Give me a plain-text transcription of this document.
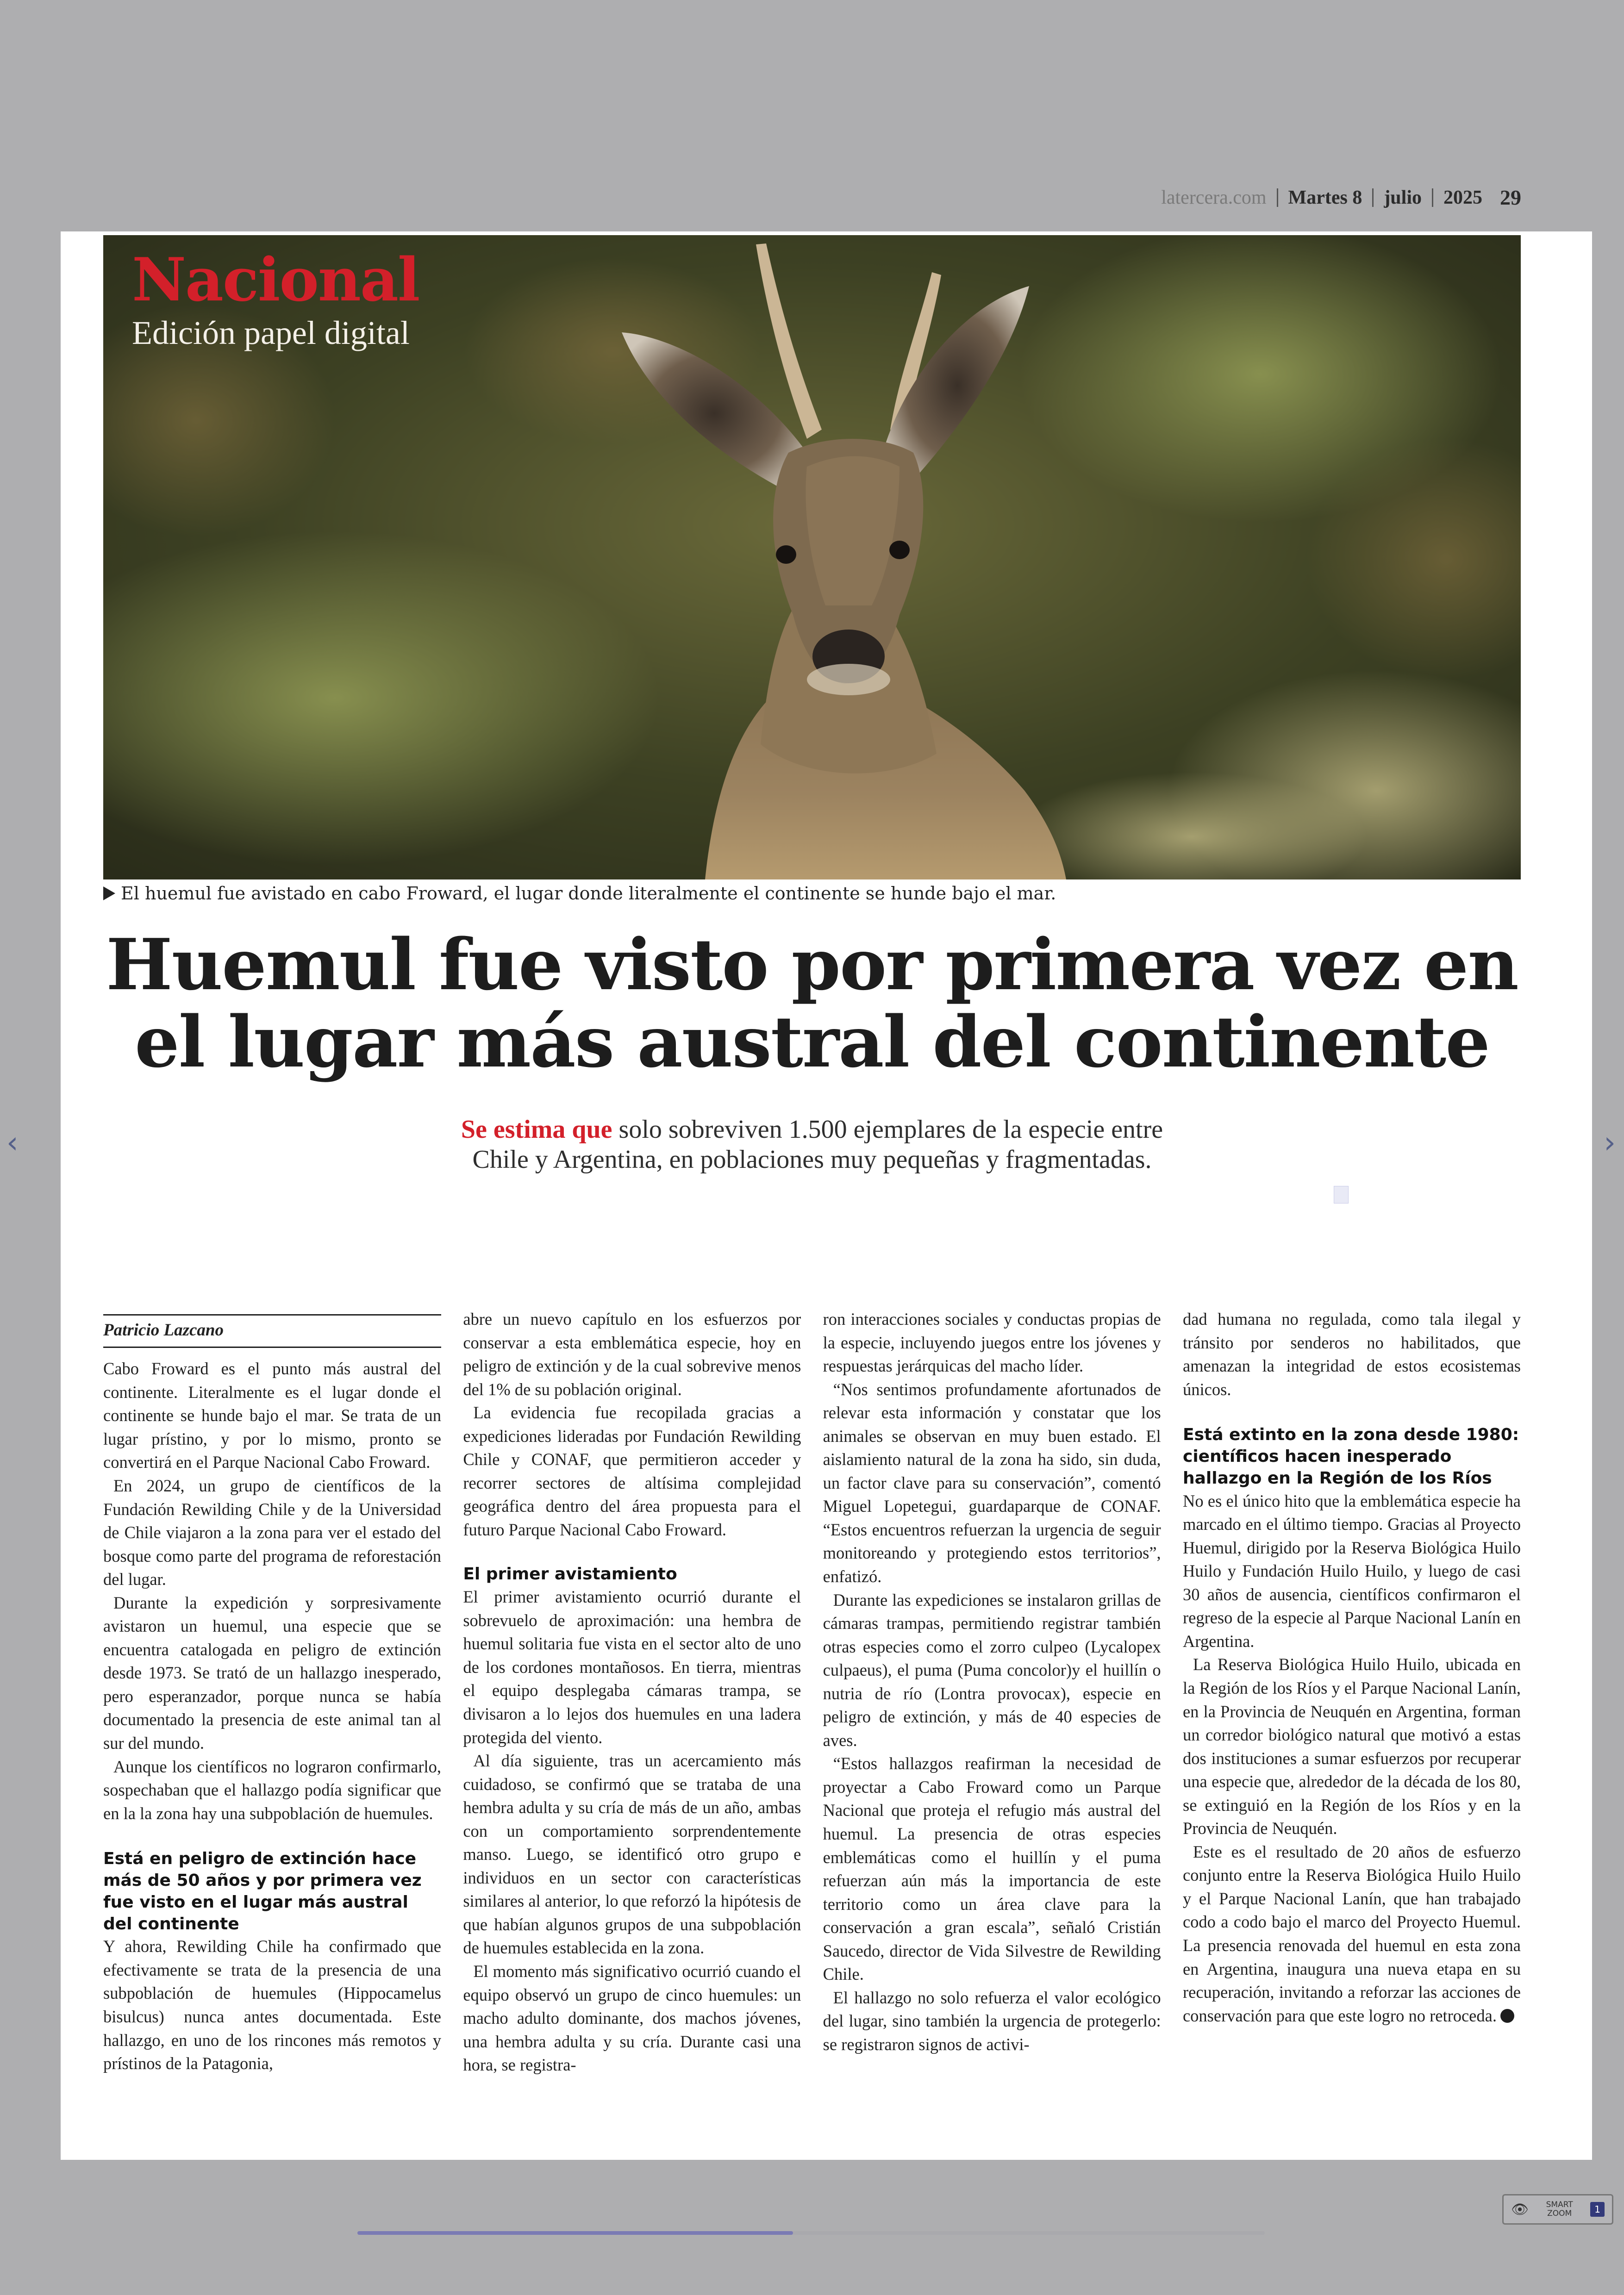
latercera.com Martes 8 julio 2025 29
Nacional
Edición papel digital
El huemul fue avistado en cabo Froward, el lugar donde literalmente el continente se hunde bajo el mar.
Huemul fue visto por primera vez en
el lugar más austral del continente
Se estima que solo sobreviven 1.500 ejemplares de la especie entre
Chile y Argentina, en poblaciones muy pequeñas y fragmentadas.
Patricio Lazcano

Cabo Froward es el punto más austral del continente. Literalmente es el lugar donde el continente se hunde bajo el mar. Se trata de un lugar prístino, y por lo mismo, pronto se convertirá en el Parque Nacional Cabo Froward.

En 2024, un grupo de científicos de la Fundación Rewilding Chile y de la Universidad de Chile viajaron a la zona para ver el estado del bosque como parte del programa de reforestación del lugar.

Durante la expedición y sorpresivamente avistaron un huemul, una especie que se encuentra catalogada en peligro de extinción desde 1973. Se trató de un hallazgo inesperado, pero esperanzador, porque nunca se había documentado la presencia de este animal tan al sur del mundo.

Aunque los científicos no lograron confirmarlo, sospechaban que el hallazgo podía significar que en la la zona hay una subpoblación de huemules.

Está en peligro de extinción hace más de 50 años y por primera vez fue visto en el lugar más austral del continente

Y ahora, Rewilding Chile ha confirmado que efectivamente se trata de la presencia de una subpoblación de huemules (Hippocamelus bisulcus) nunca antes documentada. Este hallazgo, en uno de los rincones más remotos y prístinos de la Patagonia,

abre un nuevo capítulo en los esfuerzos por conservar a esta emblemática especie, hoy en peligro de extinción y de la cual sobrevive menos del 1% de su población original.

La evidencia fue recopilada gracias a expediciones lideradas por Fundación Rewilding Chile y CONAF, que permitieron acceder y recorrer sectores de altísima complejidad geográfica dentro del área propuesta para el futuro Parque Nacional Cabo Froward.

El primer avistamiento

El primer avistamiento ocurrió durante el sobrevuelo de aproximación: una hembra de huemul solitaria fue vista en el sector alto de uno de los cordones montañosos. En tierra, mientras el equipo desplegaba cámaras trampa, se divisaron a lo lejos dos huemules en una ladera protegida del viento.

Al día siguiente, tras un acercamiento más cuidadoso, se confirmó que se trataba de una hembra adulta y su cría de más de un año, ambas con un comportamiento sorprendentemente manso. Luego, se identificó otro grupo e individuos en un sector con características similares al anterior, lo que reforzó la hipótesis de que habían algunos grupos de una subpoblación de huemules establecida en la zona.

El momento más significativo ocurrió cuando el equipo observó un grupo de cinco huemules: un macho adulto dominante, dos machos jóvenes, una hembra adulta y su cría. Durante casi una hora, se registra-

ron interacciones sociales y conductas propias de la especie, incluyendo juegos entre los jóvenes y respuestas jerárquicas del macho líder.

“Nos sentimos profundamente afortunados de relevar esta información y constatar que los animales se observan en muy buen estado. El aislamiento natural de la zona ha sido, sin duda, un factor clave para su conservación”, comentó Miguel Lopetegui, guardaparque de CONAF. “Estos encuentros refuerzan la urgencia de seguir monitoreando y protegiendo estos territorios”, enfatizó.

Durante las expediciones se instalaron grillas de cámaras trampas, permitiendo registrar también otras especies como el zorro culpeo (Lycalopex culpaeus), el puma (Puma concolor)y el huillín o nutria de río (Lontra provocax), especie en peligro de extinción, y más de 40 especies de aves.

“Estos hallazgos reafirman la necesidad de proyectar a Cabo Froward como un Parque Nacional que proteja el refugio más austral del huemul. La presencia de otras especies emblemáticas como el huillín y el puma refuerzan aún más la importancia de este territorio como un área clave para la conservación a gran escala”, señaló Cristián Saucedo, director de Vida Silvestre de Rewilding Chile.

El hallazgo no solo refuerza el valor ecológico del lugar, sino también la urgencia de protegerlo: se registraron signos de activi-

dad humana no regulada, como tala ilegal y tránsito por senderos no habilitados, que amenazan la integridad de estos ecosistemas únicos.

Está extinto en la zona desde 1980: científicos hacen inesperado hallazgo en la Región de los Ríos

No es el único hito que la emblemática especie ha marcado en el último tiempo. Gracias al Proyecto Huemul, dirigido por la Reserva Biológica Huilo Huilo y Fundación Huilo Huilo, y luego de casi 30 años de ausencia, científicos confirmaron el regreso de la especie al Parque Nacional Lanín en Argentina.

La Reserva Biológica Huilo Huilo, ubicada en la Región de los Ríos y el Parque Nacional Lanín, en la Provincia de Neuquén en Argentina, forman un corredor biológico natural que motivó a estas dos instituciones a sumar esfuerzos por recuperar una especie que, alrededor de la década de los 80, se extinguió en la Región de los Ríos y en la Provincia de Neuquén.

Este es el resultado de 20 años de esfuerzo conjunto entre la Reserva Biológica Huilo Huilo y el Parque Nacional Lanín, que han trabajado codo a codo bajo el marco del Proyecto Huemul. La presencia renovada del huemul en esta zona en Argentina, inaugura una nueva etapa en su recuperación, invitando a reforzar las acciones de conservación para que este logro no retroceda.

‹	›
👁	SMART
ZOOM	1
